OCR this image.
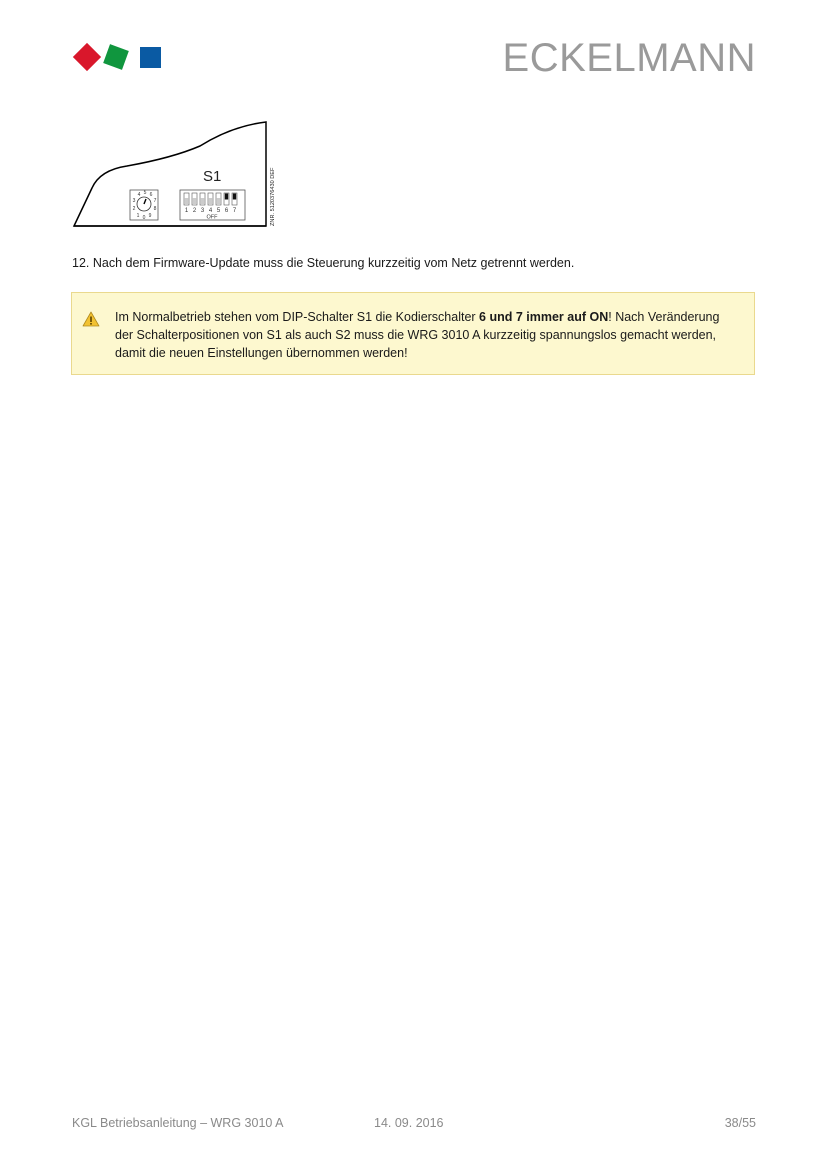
ECKELMANN
S1
0
1
2
3
4 5 6
7
8
9
1 2 3 4 5 6 7
OFF	ZNR. 5120376430 DEF
12. Nach dem Firmware-Update muss die Steuerung kurzzeitig vom Netz getrennt werden.
Im Normalbetrieb stehen vom DIP-Schalter S1 die Kodierschalter 6 und 7 immer auf ON! Nach Veränderung der Schalterpositionen von S1 als auch S2 muss die WRG 3010 A kurzzeitig spannungslos gemacht werden, damit die neuen Einstellungen übernommen werden!
KGL Betriebsanleitung – WRG 3010 A	14. 09. 2016	38/55
